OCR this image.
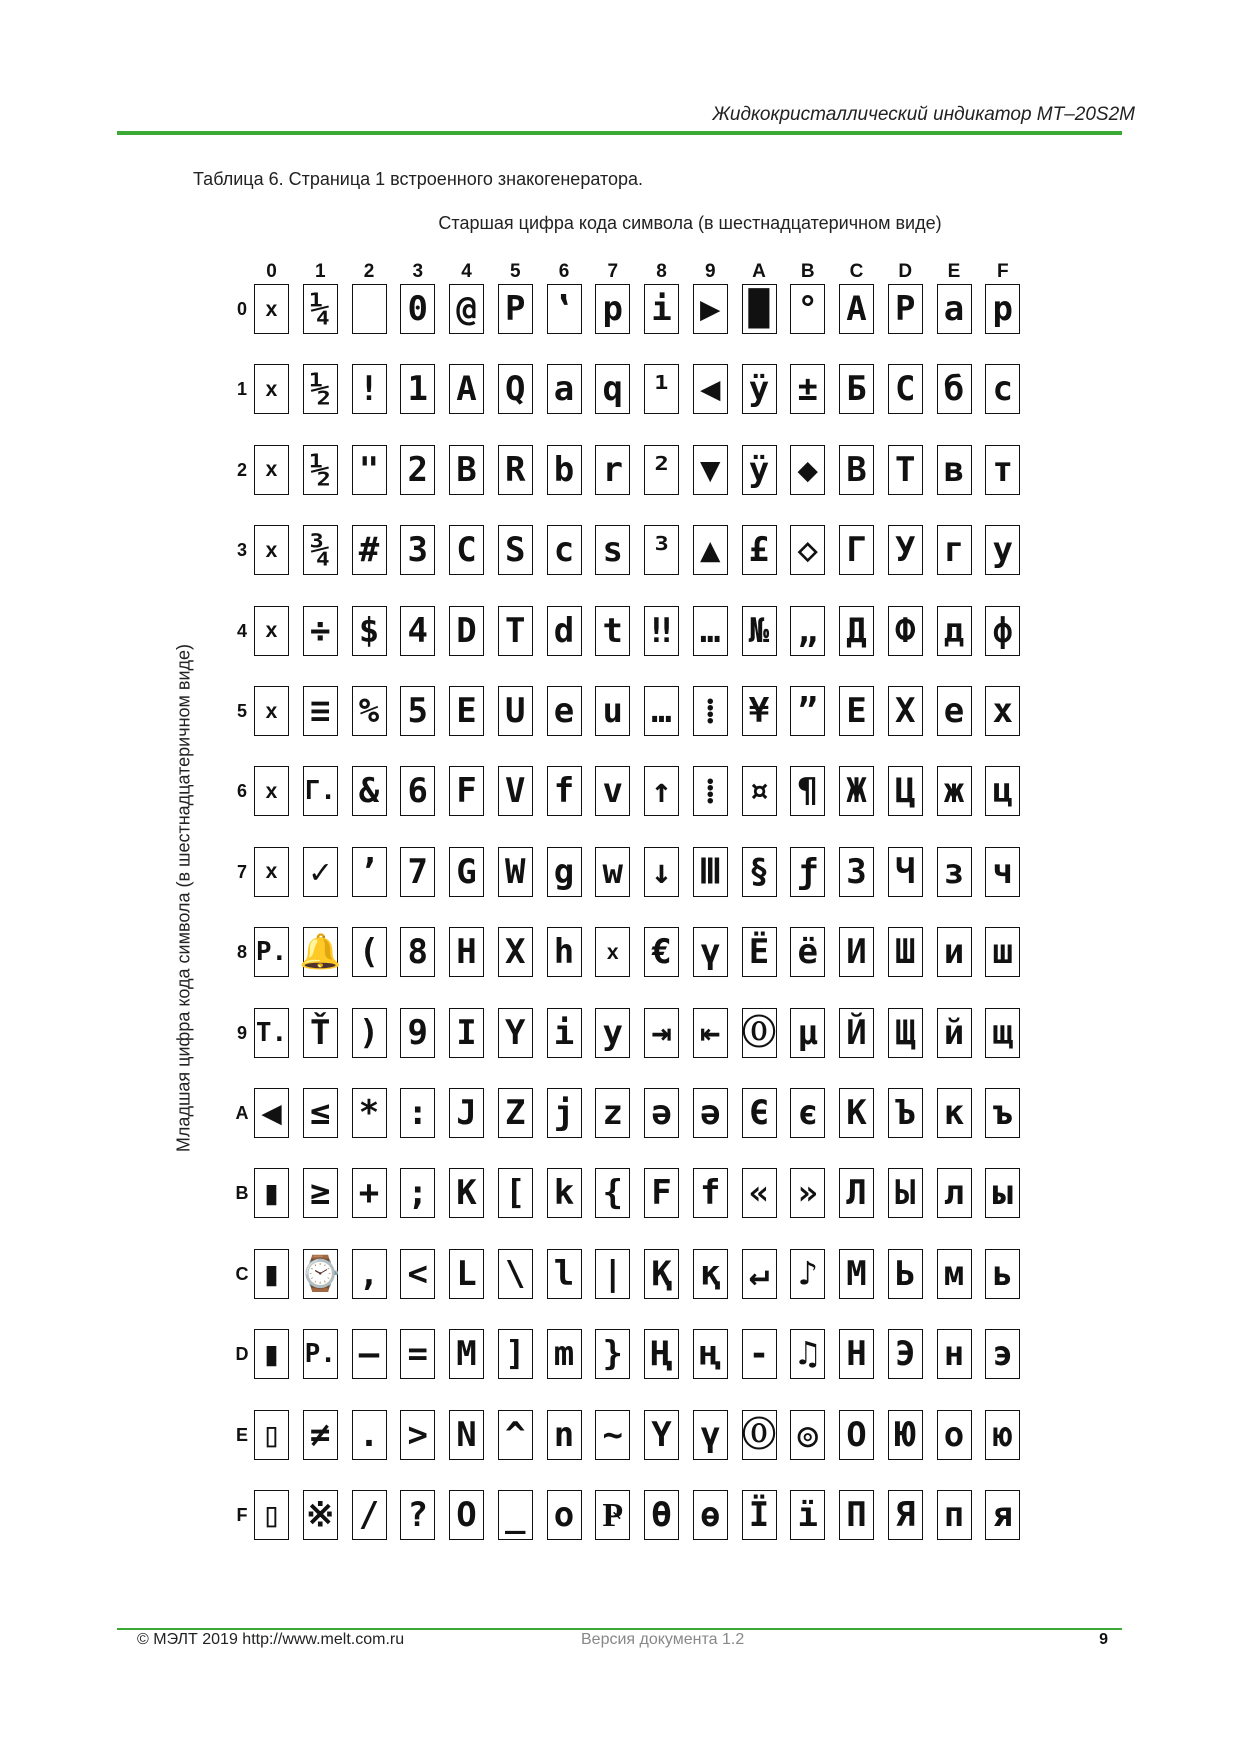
Жидкокристаллический индикатор MT–20S2M
Таблица 6. Страница 1 встроенного знакогенератора.
Старшая цифра кода символа (в шестнадцатеричном виде)
Младшая цифра кода символа (в шестнадцатеричном виде)
0	1	2	3	4	5	6	7	8	9	A	B	C	D	E	F
0
1
2
3
4
5
6
7
8
9
A
B
C
D
E
F
x ¼ 0 @ P ‛ p i ▶ █ ° А Р а р
x ½ ! 1 A Q a q ¹ ◀ ÿ ± Б С б с
x ½ " 2 B R b r ² ▼ ÿ ◆ В Т в т
x ¾ # 3 C S c s ³ ▲ £ ◇ Г У г у
x ÷ $ 4 D T d t ‼ … № „ Д Ф д ф
x ≡ % 5 E U e u … ⁞ ¥ ” Е Х е х
x	Г. & 6 F V f v ↑ ⁞ ¤ ¶ Ж Ц ж ц
x ✓ ’ 7 G W g w ↓ Ⅲ § ƒ З Ч з ч
P. 🔔 ( 8 H X h	x € ү Ё ё И Ш и ш
T. Ť ) 9 I Y i y ⇥ ⇤ ⓪ µ Й Щ й щ
◀ ≤ * : J Z j z ə ə Є є К Ъ к ъ
▮ ≥ + ; K [ k { F f « » Л Ы л ы
▮ ⌚ , < L \ l | Қ қ ↵ ♪ М Ь м ь
▮ P. — = M ] m } Ң ң - ♫ Н Э н э
▯ ≠ . > N ^ n ~ Ү ү ⓪ ◎ О Ю о ю
▯ ※ / ? O _ o Ҏ Ѳ ѳ Ї ї П Я п я
© МЭЛТ 2019 http://www.melt.com.ru	Версия документа 1.2	9
